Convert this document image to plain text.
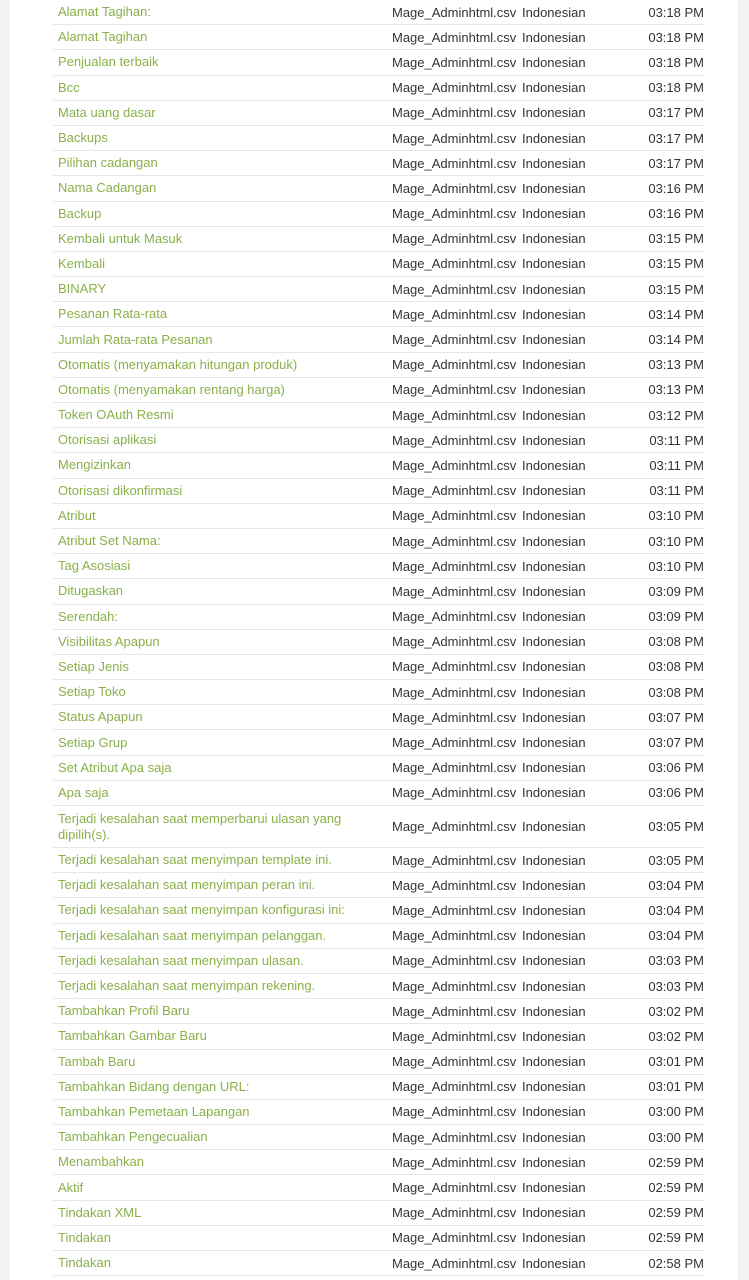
Alamat Tagihan:	Mage_Adminhtml.csv Indonesian	03:18 PM
Alamat Tagihan	Mage_Adminhtml.csv Indonesian	03:18 PM
Penjualan terbaik	Mage_Adminhtml.csv Indonesian	03:18 PM
Bcc	Mage_Adminhtml.csv Indonesian	03:18 PM
Mata uang dasar	Mage_Adminhtml.csv Indonesian	03:17 PM
Backups	Mage_Adminhtml.csv Indonesian	03:17 PM
Pilihan cadangan	Mage_Adminhtml.csv Indonesian	03:17 PM
Nama Cadangan	Mage_Adminhtml.csv Indonesian	03:16 PM
Backup	Mage_Adminhtml.csv Indonesian	03:16 PM
Kembali untuk Masuk	Mage_Adminhtml.csv Indonesian	03:15 PM
Kembali	Mage_Adminhtml.csv Indonesian	03:15 PM
BINARY	Mage_Adminhtml.csv Indonesian	03:15 PM
Pesanan Rata-rata	Mage_Adminhtml.csv Indonesian	03:14 PM
Jumlah Rata-rata Pesanan	Mage_Adminhtml.csv Indonesian	03:14 PM
Otomatis (menyamakan hitungan produk)	Mage_Adminhtml.csv Indonesian	03:13 PM
Otomatis (menyamakan rentang harga)	Mage_Adminhtml.csv Indonesian	03:13 PM
Token OAuth Resmi	Mage_Adminhtml.csv Indonesian	03:12 PM
Otorisasi aplikasi	Mage_Adminhtml.csv Indonesian	03:11 PM
Mengizinkan	Mage_Adminhtml.csv Indonesian	03:11 PM
Otorisasi dikonfirmasi	Mage_Adminhtml.csv Indonesian	03:11 PM
Atribut	Mage_Adminhtml.csv Indonesian	03:10 PM
Atribut Set Nama:	Mage_Adminhtml.csv Indonesian	03:10 PM
Tag Asosiasi	Mage_Adminhtml.csv Indonesian	03:10 PM
Ditugaskan	Mage_Adminhtml.csv Indonesian	03:09 PM
Serendah:	Mage_Adminhtml.csv Indonesian	03:09 PM
Visibilitas Apapun	Mage_Adminhtml.csv Indonesian	03:08 PM
Setiap Jenis	Mage_Adminhtml.csv Indonesian	03:08 PM
Setiap Toko	Mage_Adminhtml.csv Indonesian	03:08 PM
Status Apapun	Mage_Adminhtml.csv Indonesian	03:07 PM
Setiap Grup	Mage_Adminhtml.csv Indonesian	03:07 PM
Set Atribut Apa saja	Mage_Adminhtml.csv Indonesian	03:06 PM
Apa saja	Mage_Adminhtml.csv Indonesian	03:06 PM
Terjadi kesalahan saat memperbarui ulasan yang dipilih(s).	Mage_Adminhtml.csv Indonesian	03:05 PM
Terjadi kesalahan saat menyimpan template ini.	Mage_Adminhtml.csv Indonesian	03:05 PM
Terjadi kesalahan saat menyimpan peran ini.	Mage_Adminhtml.csv Indonesian	03:04 PM
Terjadi kesalahan saat menyimpan konfigurasi ini:	Mage_Adminhtml.csv Indonesian	03:04 PM
Terjadi kesalahan saat menyimpan pelanggan.	Mage_Adminhtml.csv Indonesian	03:04 PM
Terjadi kesalahan saat menyimpan ulasan.	Mage_Adminhtml.csv Indonesian	03:03 PM
Terjadi kesalahan saat menyimpan rekening.	Mage_Adminhtml.csv Indonesian	03:03 PM
Tambahkan Profil Baru	Mage_Adminhtml.csv Indonesian	03:02 PM
Tambahkan Gambar Baru	Mage_Adminhtml.csv Indonesian	03:02 PM
Tambah Baru	Mage_Adminhtml.csv Indonesian	03:01 PM
Tambahkan Bidang dengan URL:	Mage_Adminhtml.csv Indonesian	03:01 PM
Tambahkan Pemetaan Lapangan	Mage_Adminhtml.csv Indonesian	03:00 PM
Tambahkan Pengecualian	Mage_Adminhtml.csv Indonesian	03:00 PM
Menambahkan	Mage_Adminhtml.csv Indonesian	02:59 PM
Aktif	Mage_Adminhtml.csv Indonesian	02:59 PM
Tindakan XML	Mage_Adminhtml.csv Indonesian	02:59 PM
Tindakan	Mage_Adminhtml.csv Indonesian	02:59 PM
Tindakan	Mage_Adminhtml.csv Indonesian	02:58 PM
